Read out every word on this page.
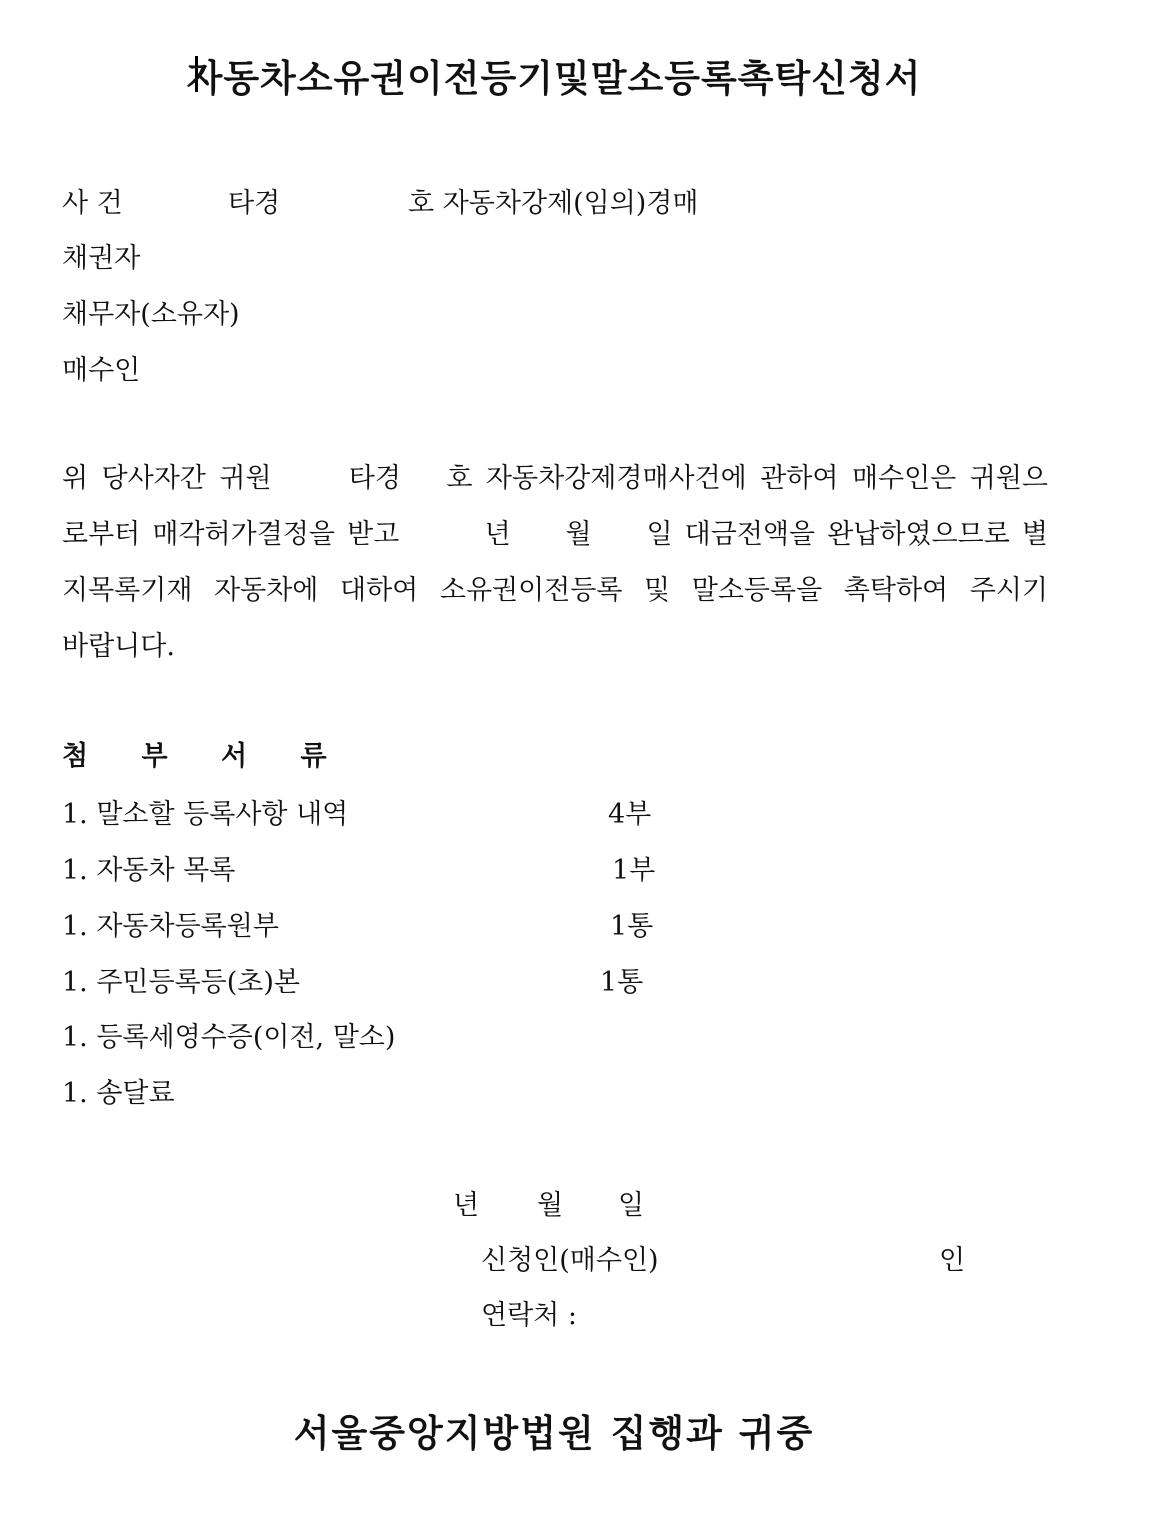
자동차소유권이전등기및말소등록촉탁신청서
사 건	타경	호 자동차강제(임의)경매
채권자
채무자(소유자)
매수인
위 당사자간 귀원 　　타경 　호 자동차강제경매사건에 관하여 매수인은 귀원으
로부터 매각허가결정을 받고 　　 년 　 월 　 일 대금전액을 완납하였으므로 별
지목록기재 자동차에 대하여 소유권이전등록 및 말소등록을 촉탁하여 주시기
바랍니다.
첨 부 서 류
1. 말소할 등록사항 내역	4부
1. 자동차 목록	1부
1. 자동차등록원부	1통
1. 주민등록등(초)본	1통
1. 등록세영수증(이전, 말소)
1. 송달료
년 월 일
신청인(매수인)	인
연락처 :
서울중앙지방법원 집행과 귀중
